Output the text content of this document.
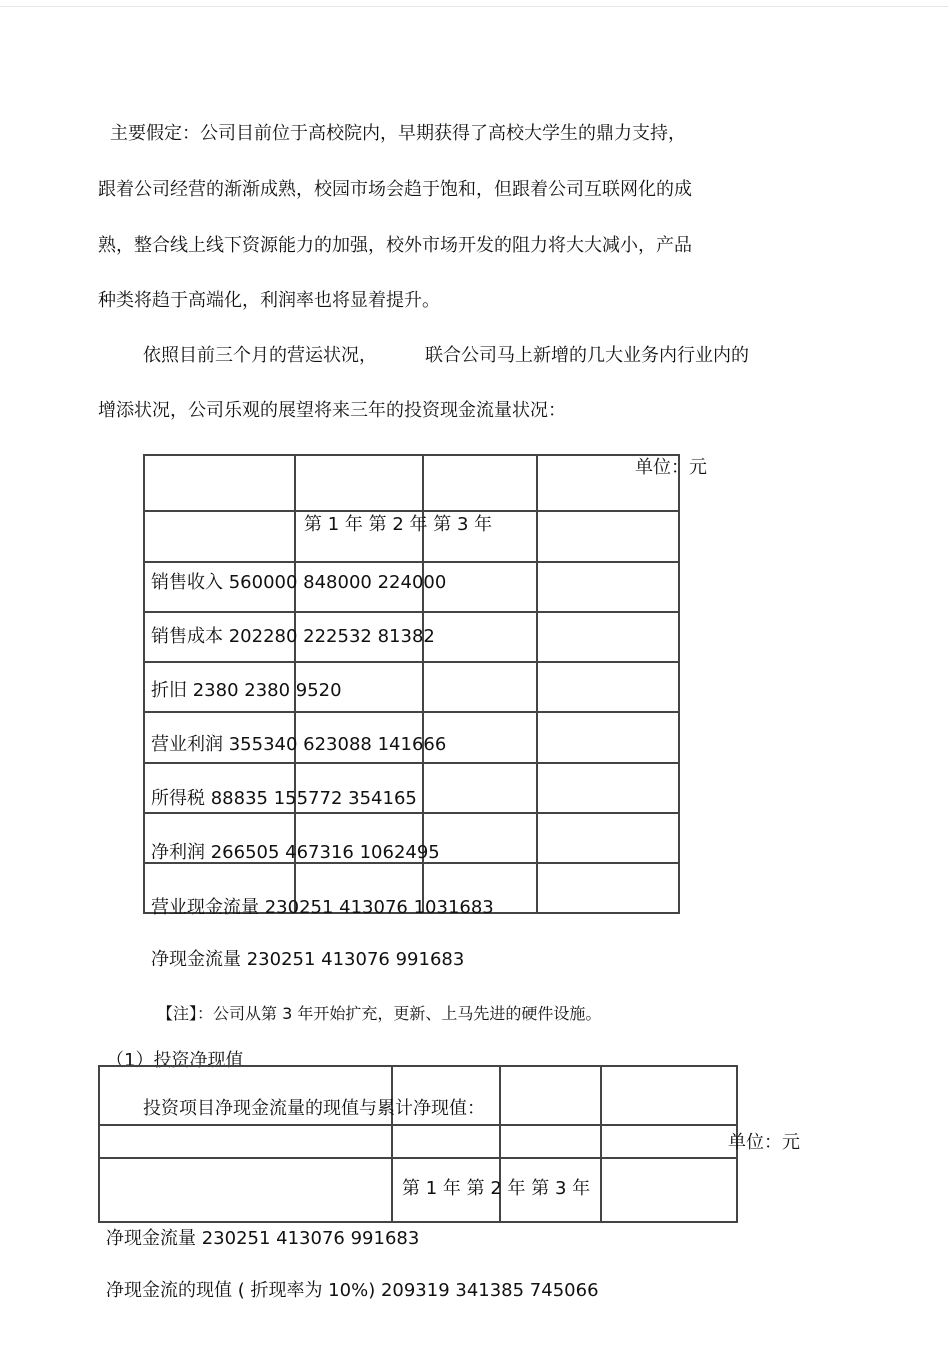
主要假定：公司目前位于高校院内，早期获得了高校大学生的鼎力支持，
跟着公司经营的渐渐成熟，校园市场会趋于饱和，但跟着公司互联网化的成
熟，整合线上线下资源能力的加强，校外市场开发的阻力将大大减小，产品
种类将趋于高端化，利润率也将显着提升。
依照目前三个月的营运状况，	联合公司马上新增的几大业务内行业内的
增添状况，公司乐观的展望将来三年的投资现金流量状况：
单位：元
第 1 年 第 2 年 第 3 年
销售收入 560000 848000 224000
销售成本 202280 222532 81382
折旧 2380 2380 9520
营业利润 355340 623088 141666
所得税 88835 155772 354165
净利润 266505 467316 1062495
营业现金流量 230251 413076 1031683
净现金流量 230251 413076 991683
【注】：公司从第 3 年开始扩充，更新、上马先进的硬件设施。
（1）投资净现值
投资项目净现金流量的现值与累计净现值：
单位：元
第 1 年 第 2 年 第 3 年
净现金流量 230251 413076 991683
净现金流的现值 ( 折现率为 10%) 209319 341385 745066
